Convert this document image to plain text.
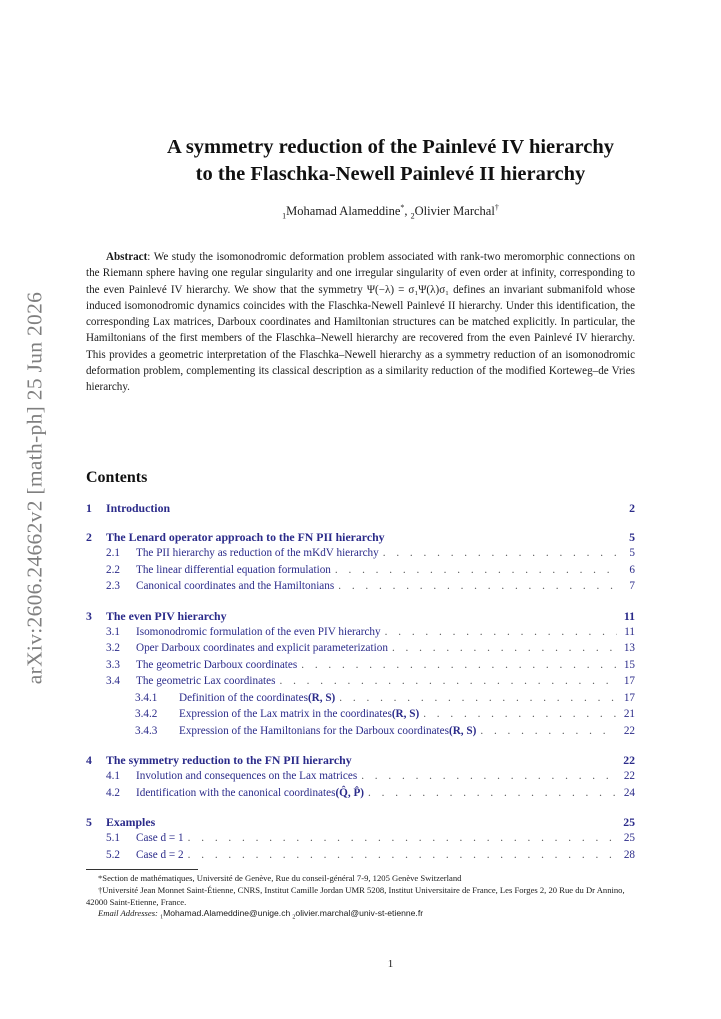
arXiv:2606.24662v2 [math-ph] 25 Jun 2026
A symmetry reduction of the Painlevé IV hierarchy
to the Flaschka-Newell Painlevé II hierarchy
$_1$Mohamad Alameddine*, $_2$Olivier Marchal†

Abstract: We study the isomonodromic deformation problem associated with rank-two meromorphic connections on the Riemann sphere having one regular singularity and one irregular singularity of even order at infinity, corresponding to the even Painlevé IV hierarchy. We show that the symmetry Ψ(−λ) = σ₁Ψ(λ)σ₁ defines an invariant submanifold whose induced isomonodromic dynamics coincides with the Flaschka-Newell Painlevé II hierarchy. Under this identification, the corresponding Lax matrices, Darboux coordinates and Hamiltonian structures can be matched explicitly. In particular, the Hamiltonians of the first members of the Flaschka–Newell hierarchy are recovered from the even Painlevé IV hierarchy. This provides a geometric interpretation of the Flaschka–Newell hierarchy as a symmetry reduction of an isomonodromic deformation problem, complementing its classical description as a similarity reduction of the modified Korteweg–de Vries hierarchy.

Contents
1	Introduction	2
2	The Lenard operator approach to the FN PII hierarchy	5
2.1	The PII hierarchy as reduction of the mKdV hierarchy . . .	5
2.2	The linear differential equation formulation . . .	6
2.3	Canonical coordinates and the Hamiltonians . . .	7
3	The even PIV hierarchy	11
3.1	Isomonodromic formulation of the even PIV hierarchy . . .	11
3.2	Oper Darboux coordinates and explicit parameterization . . .	13
3.3	The geometric Darboux coordinates . . .	15
3.4	The geometric Lax coordinates . . .	17
3.4.1	Definition of the coordinates (R, S) . . .	17
3.4.2	Expression of the Lax matrix in the coordinates (R, S) . . .	21
3.4.3	Expression of the Hamiltonians for the Darboux coordinates (R, S) . . .	22
4	The symmetry reduction to the FN PII hierarchy	22
4.1	Involution and consequences on the Lax matrices . . .	22
4.2	Identification with the canonical coordinates (Q̂, P̂) . . .	24
5	Examples	25
5.1	Case d = 1 . . .	25
5.2	Case d = 2 . . .	28

*Section de mathématiques, Université de Genève, Rue du conseil-général 7-9, 1205 Genève Switzerland

†Université Jean Monnet Saint-Étienne, CNRS, Institut Camille Jordan UMR 5208, Institut Universitaire de France, Les Forges 2, 20 Rue du Dr Annino, 42000 Saint-Etienne, France.

Email Addresses: $_1$Mohamad.Alameddine@unige.ch $_2$olivier.marchal@univ-st-etienne.fr

1
